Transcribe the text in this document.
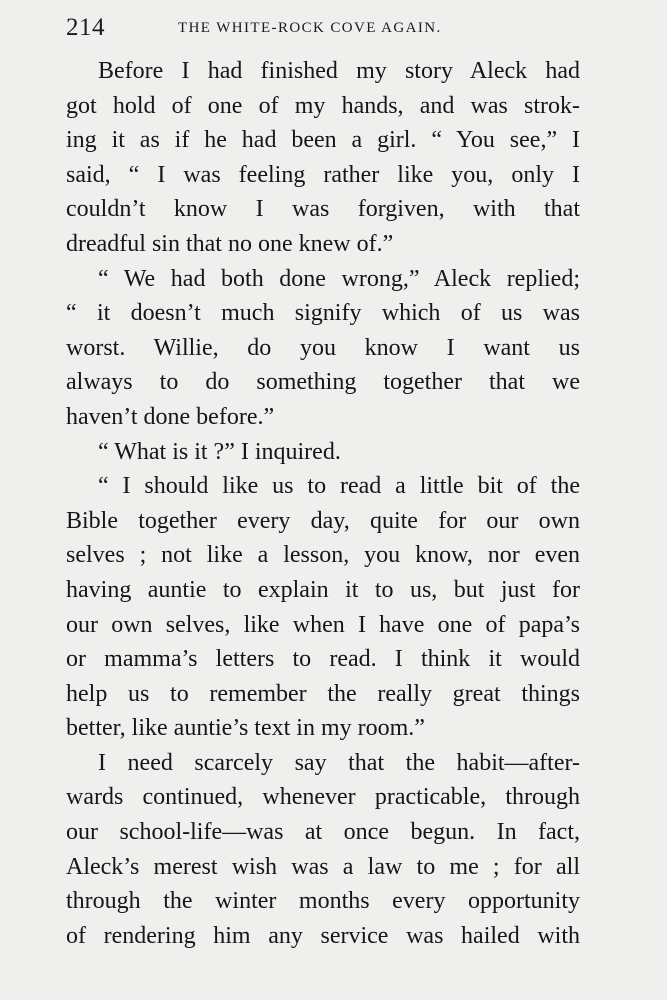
214	THE WHITE-ROCK COVE AGAIN.
Before I had finished my story Aleck had
got hold of one of my hands, and was strok-
ing it as if he had been a girl. “ You see,” I
said, “ I was feeling rather like you, only I
couldn’t know I was forgiven, with that
dreadful sin that no one knew of.”
“ We had both done wrong,” Aleck replied;
“ it doesn’t much signify which of us was
worst. Willie, do you know I want us
always to do something together that we
haven’t done before.”
“ What is it ?” I inquired.
“ I should like us to read a little bit of the
Bible together every day, quite for our own
selves ; not like a lesson, you know, nor even
having auntie to explain it to us, but just for
our own selves, like when I have one of papa’s
or mamma’s letters to read. I think it would
help us to remember the really great things
better, like auntie’s text in my room.”
I need scarcely say that the habit—after-
wards continued, whenever practicable, through
our school-life—was at once begun. In fact,
Aleck’s merest wish was a law to me ; for all
through the winter months every opportunity
of rendering him any service was hailed with
